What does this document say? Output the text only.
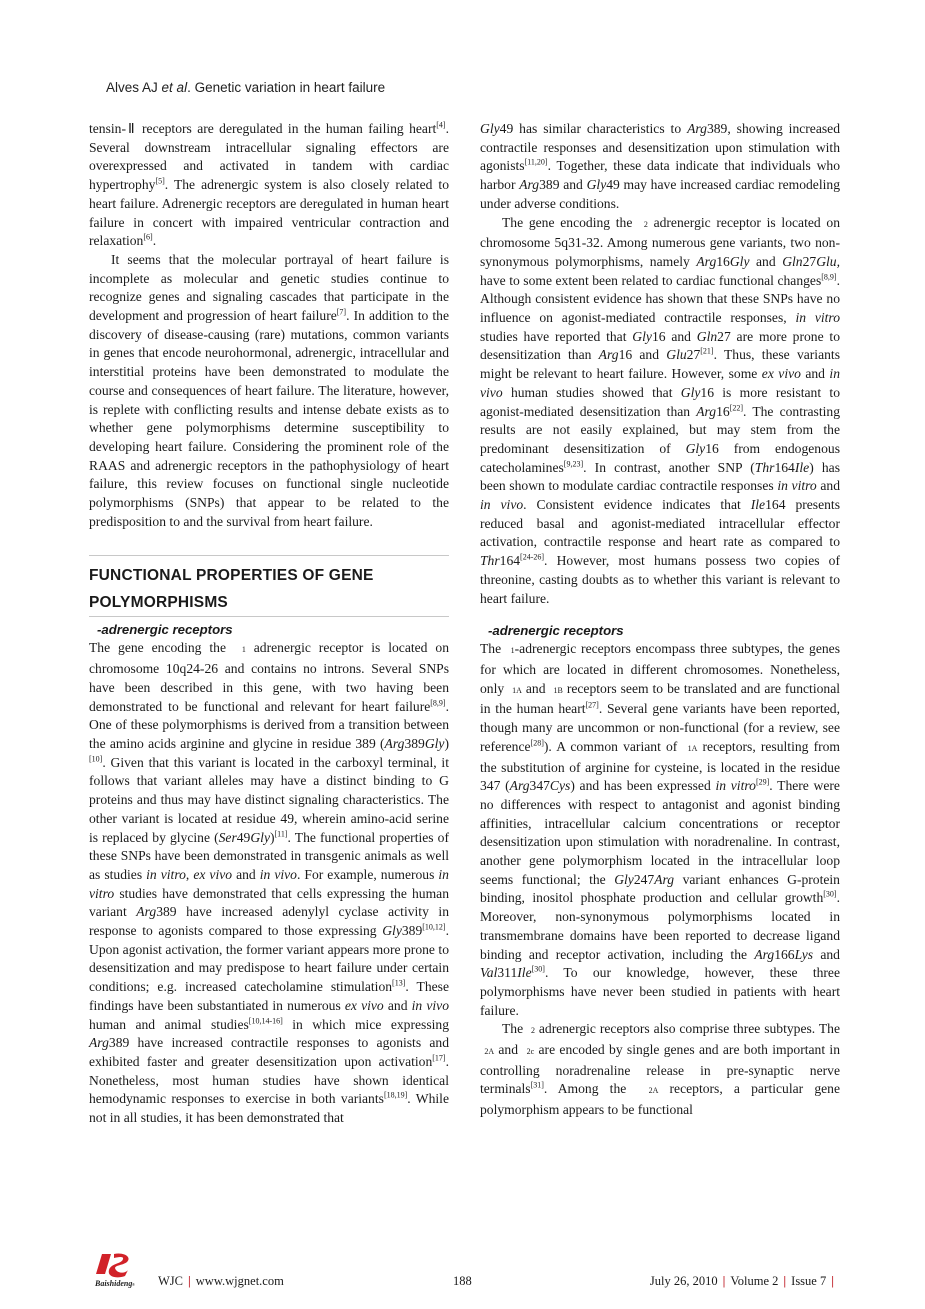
Alves AJ et al. Genetic variation in heart failure

tensin-Ⅱ receptors are deregulated in the human failing heart[4]. Several downstream intracellular signaling effectors are overexpressed and activated in tandem with cardiac hypertrophy[5]. The adrenergic system is also closely related to heart failure. Adrenergic receptors are deregulated in human heart failure in concert with impaired ventricular contraction and relaxation[6].

It seems that the molecular portrayal of heart failure is incomplete as molecular and genetic studies continue to recognize genes and signaling cascades that participate in the development and progression of heart failure[7]. In addition to the discovery of disease-causing (rare) mutations, common variants in genes that encode neurohormonal, adrenergic, intracellular and interstitial proteins have been demonstrated to modulate the course and consequences of heart failure. The literature, however, is replete with conflicting results and intense debate exists as to whether gene polymorphisms determine susceptibility to developing heart failure. Considering the prominent role of the RAAS and adrenergic receptors in the pathophysiology of heart failure, this review focuses on functional single nucleotide polymorphisms (SNPs) that appear to be related to the predisposition to and the survival from heart failure.

FUNCTIONAL PROPERTIES OF GENE
POLYMORPHISMS
-adrenergic receptors

The gene encoding the  1 adrenergic receptor is located on chromosome 10q24-26 and contains no introns. Several SNPs have been described in this gene, with two having been demonstrated to be functional and relevant for heart failure[8,9]. One of these polymorphisms is derived from a transition between the amino acids arginine and glycine in residue 389 (Arg389Gly)[10]. Given that this variant is located in the carboxyl terminal, it follows that variant alleles may have a distinct binding to G proteins and thus may have distinct signaling characteristics. The other variant is located at residue 49, wherein amino-acid serine is replaced by glycine (Ser49Gly)[11]. The functional properties of these SNPs have been demonstrated in transgenic animals as well as studies in vitro, ex vivo and in vivo. For example, numerous in vitro studies have demonstrated that cells expressing the human variant Arg389 have increased adenylyl cyclase activity in response to agonists compared to those expressing Gly389[10,12]. Upon agonist activation, the former variant appears more prone to desensitization and may predispose to heart failure under certain conditions; e.g. increased catecholamine stimulation[13]. These findings have been substantiated in numerous ex vivo and in vivo human and animal studies[10,14-16] in which mice expressing Arg389 have increased contractile responses to agonists and exhibited faster and greater desensitization upon activation[17]. Nonetheless, most human studies have shown identical hemodynamic responses to exercise in both variants[18,19]. While not in all studies, it has been demonstrated that

Gly49 has similar characteristics to Arg389, showing increased contractile responses and desensitization upon stimulation with agonists[11,20]. Together, these data indicate that individuals who harbor Arg389 and Gly49 may have increased cardiac remodeling under adverse conditions.

The gene encoding the  2 adrenergic receptor is located on chromosome 5q31-32. Among numerous gene variants, two non-synonymous polymorphisms, namely Arg16Gly and Gln27Glu, have to some extent been related to cardiac functional changes[8,9]. Although consistent evidence has shown that these SNPs have no influence on agonist-mediated contractile responses, in vitro studies have reported that Gly16 and Gln27 are more prone to desensitization than Arg16 and Glu27[21]. Thus, these variants might be relevant to heart failure. However, some ex vivo and in vivo human studies showed that Gly16 is more resistant to agonist-mediated desensitization than Arg16[22]. The contrasting results are not easily explained, but may stem from the predominant desensitization of Gly16 from endogenous catecholamines[9,23]. In contrast, another SNP (Thr164Ile) has been shown to modulate cardiac contractile responses in vitro and in vivo. Consistent evidence indicates that Ile164 presents reduced basal and agonist-mediated intracellular effector activation, contractile response and heart rate as compared to Thr164[24-26]. However, most humans possess two copies of threonine, casting doubts as to whether this variant is relevant to heart failure.

-adrenergic receptors

The  1-adrenergic receptors encompass three subtypes, the genes for which are located in different chromosomes. Nonetheless, only  1A and  1B receptors seem to be translated and are functional in the human heart[27]. Several gene variants have been reported, though many are uncommon or non-functional (for a review, see reference[28]). A common variant of  1A receptors, resulting from the substitution of arginine for cysteine, is located in the residue 347 (Arg347Cys) and has been expressed in vitro[29]. There were no differences with respect to antagonist and agonist binding affinities, intracellular calcium concentrations or receptor desensitization upon stimulation with noradrenaline. In contrast, another gene polymorphism located in the intracellular loop seems functional; the Gly247Arg variant enhances G-protein binding, inositol phosphate production and cellular growth[30]. Moreover, non-synonymous polymorphisms located in transmembrane domains have been reported to decrease ligand binding and receptor activation, including the Arg166Lys and Val311Ile[30]. To our knowledge, however, these three polymorphisms have never been studied in patients with heart failure.

The  2 adrenergic receptors also comprise three subtypes. The  2A and  2c are encoded by single genes and are both important in controlling noradrenaline release in pre-synaptic nerve terminals[31]. Among the  2A receptors, a particular gene polymorphism appears to be functional

Baishideng ® WJC | www.wjgnet.com	188	July 26, 2010 | Volume 2 | Issue 7 |
